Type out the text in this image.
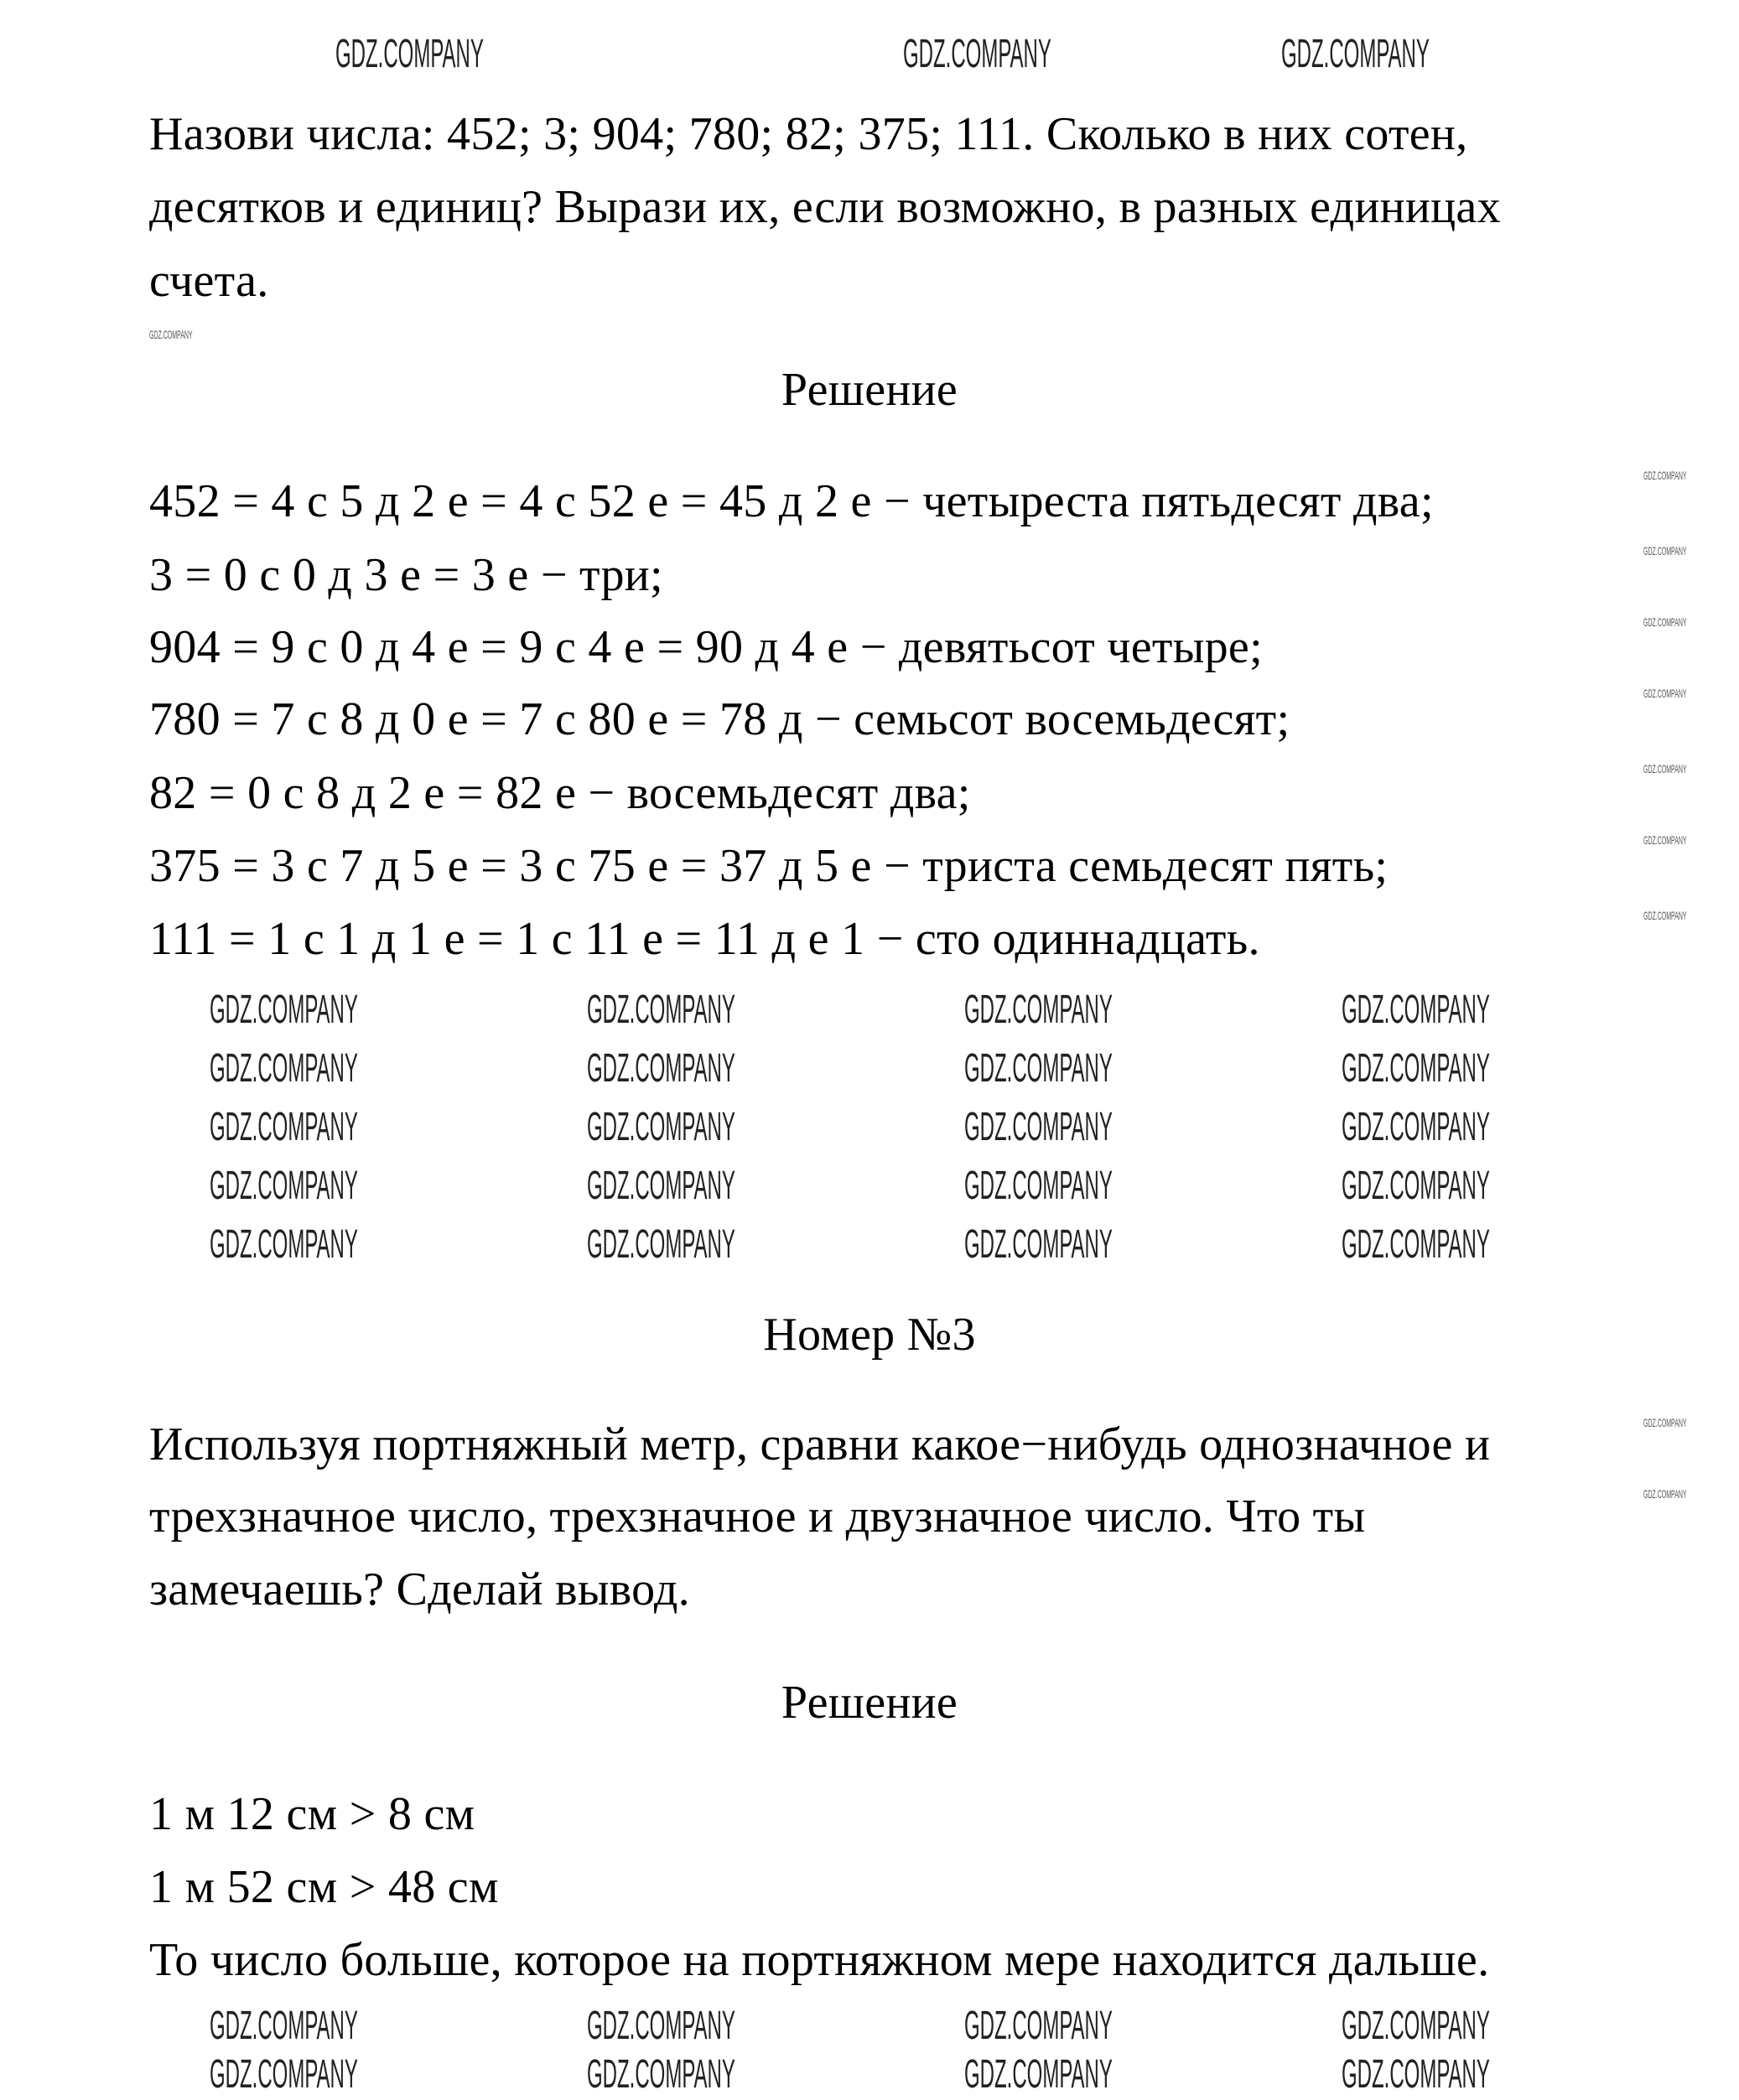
Назови числа: 452; 3; 904; 780; 82; 375; 111. Сколько в них сотен,
десятков и единиц? Вырази их, если возможно, в разных единицах
счета.
Решение
452 = 4 с 5 д 2 е = 4 с 52 е = 45 д 2 е − четыреста пятьдесят два;
3 = 0 с 0 д 3 е = 3 е − три;
904 = 9 с 0 д 4 е = 9 с 4 е = 90 д 4 е − девятьсот четыре;
780 = 7 с 8 д 0 е = 7 с 80 е = 78 д − семьсот восемьдесят;
82 = 0 с 8 д 2 е = 82 е − восемьдесят два;
375 = 3 с 7 д 5 е = 3 с 75 е = 37 д 5 е − триста семьдесят пять;
111 = 1 с 1 д 1 е = 1 с 11 е = 11 д е 1 − сто одиннадцать.
Номер №3
Используя портняжный метр, сравни какое−нибудь однозначное и
трехзначное число, трехзначное и двузначное число. Что ты
замечаешь? Сделай вывод.
Решение
1 м 12 см > 8 см
1 м 52 см > 48 см
То число больше, которое на портняжном мере находится дальше.
GDZ.COMPANY	GDZ.COMPANY	GDZ.COMPANY
GDZ.COMPANY	GDZ.COMPANY	GDZ.COMPANY	GDZ.COMPANY
GDZ.COMPANY	GDZ.COMPANY	GDZ.COMPANY	GDZ.COMPANY
GDZ.COMPANY	GDZ.COMPANY	GDZ.COMPANY	GDZ.COMPANY
GDZ.COMPANY	GDZ.COMPANY	GDZ.COMPANY	GDZ.COMPANY
GDZ.COMPANY	GDZ.COMPANY	GDZ.COMPANY	GDZ.COMPANY
GDZ.COMPANY	GDZ.COMPANY	GDZ.COMPANY	GDZ.COMPANY
GDZ.COMPANY	GDZ.COMPANY	GDZ.COMPANY	GDZ.COMPANY
GDZ.COMPANY
GDZ.COMPANY
GDZ.COMPANY
GDZ.COMPANY
GDZ.COMPANY
GDZ.COMPANY
GDZ.COMPANY
GDZ.COMPANY
GDZ.COMPANY
GDZ.COMPANY
